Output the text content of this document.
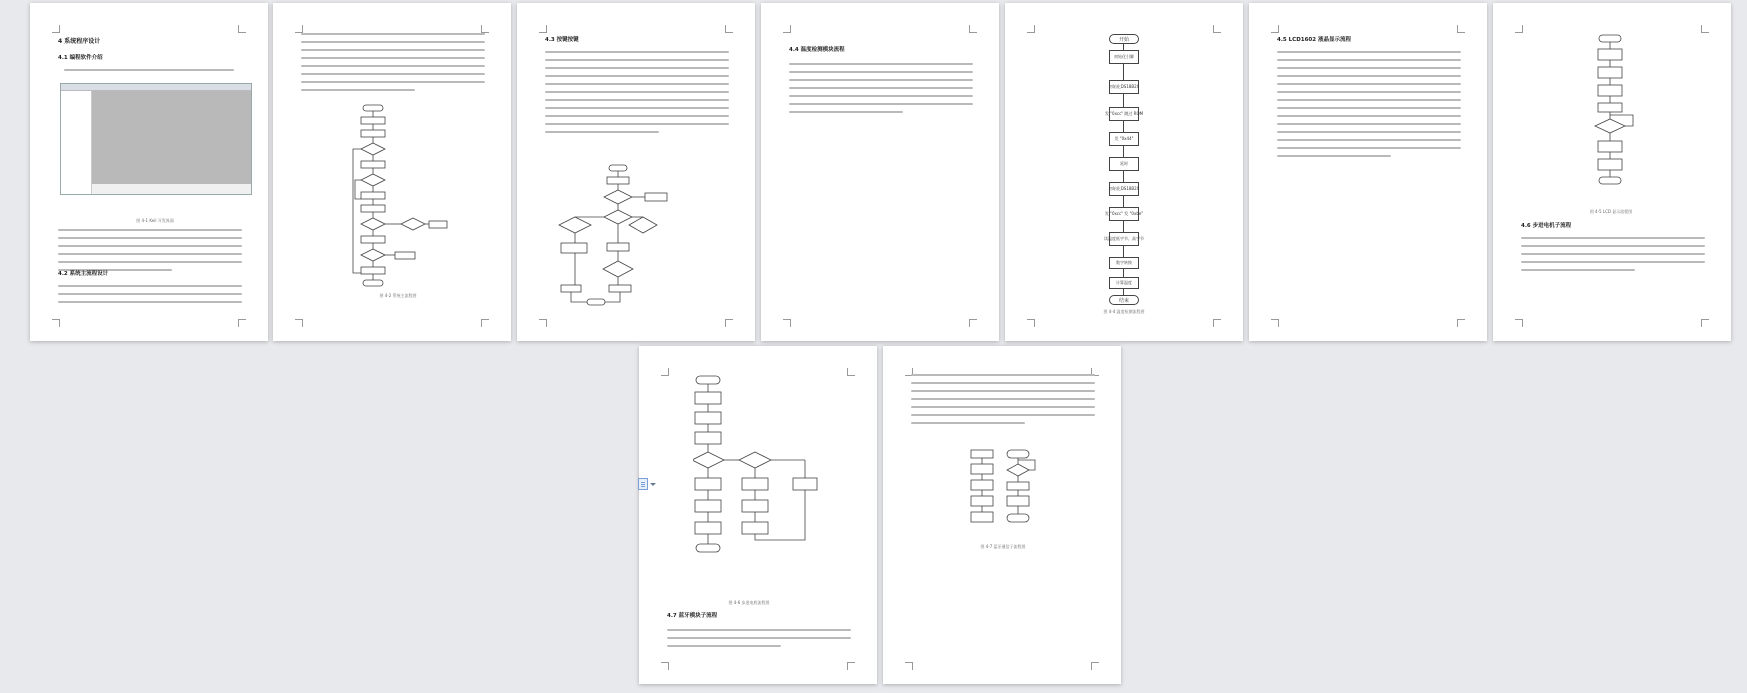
4 系统程序设计
4.1 编程软件介绍
图 4-1 Keil 开发界面
4.2 系统主流程设计
图 4-2 系统主流程图
4.3 按键按键
4.4 温度检测模块流程
开始
初始化引脚
初始化DS18B20
发 "0xcc" 跳过 ROM
发 "0x44"
延时
初始化DS18B20
发 "0xcc" 发 "0xbe"
读温度低字节、高字节
数字转换
计算温度
结束
图 4-4 温度检测流程图
4.5 LCD1602 液晶显示流程
图 4-5 LCD 显示流程图
4.6 步进电机子流程
图 4-6 步进电机流程图
4.7 蓝牙模块子流程
图 4-7 蓝牙通信子流程图
